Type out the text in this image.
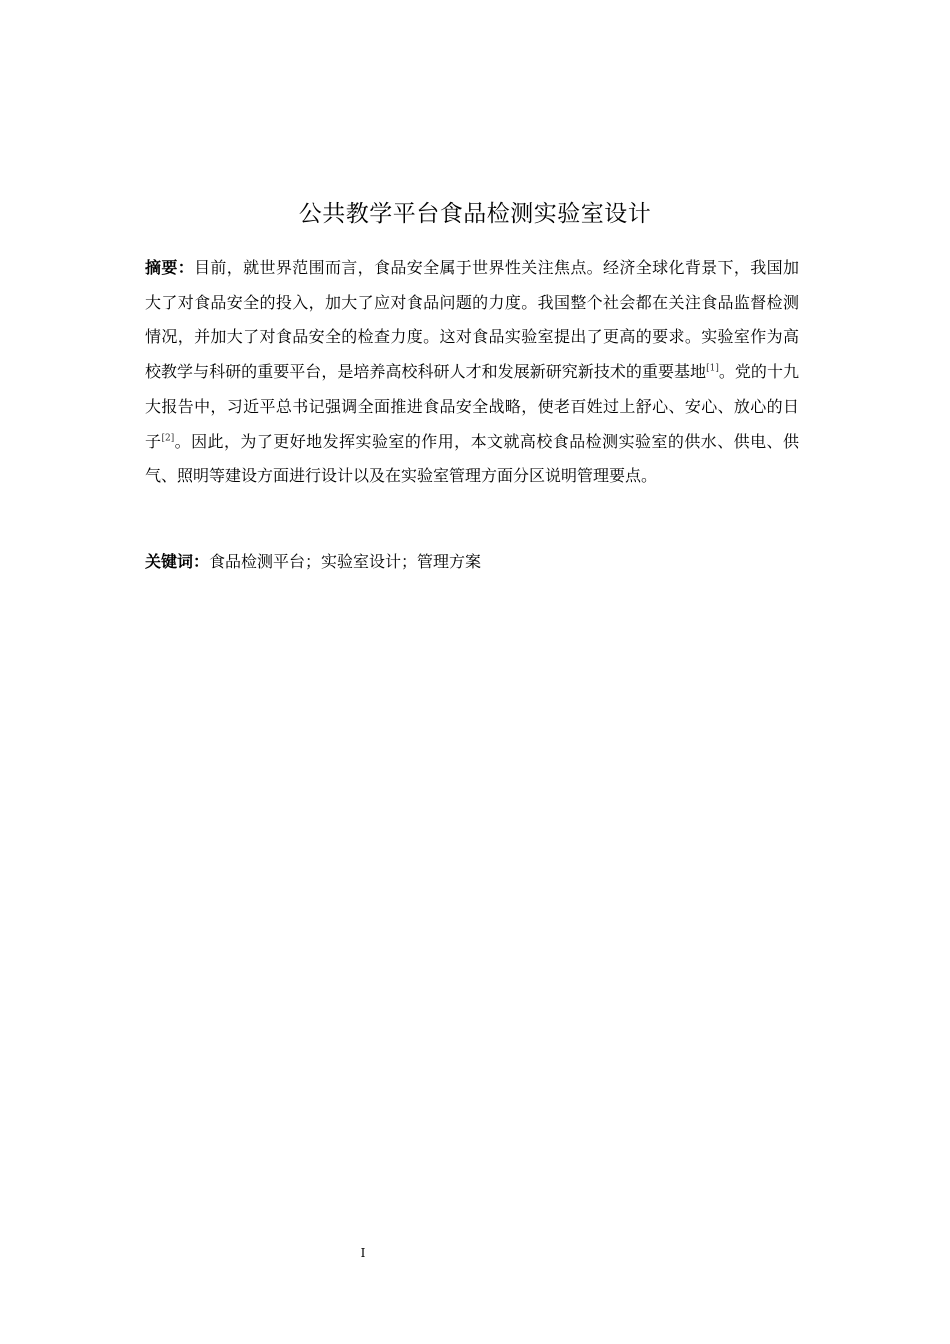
公共教学平台食品检测实验室设计

摘要：目前，就世界范围而言，食品安全属于世界性关注焦点。经济全球化背景下，我国加大了对食品安全的投入，加大了应对食品问题的力度。我国整个社会都在关注食品监督检测情况，并加大了对食品安全的检查力度。这对食品实验室提出了更高的要求。实验室作为高校教学与科研的重要平台，是培养高校科研人才和发展新研究新技术的重要基地[1]。党的十九大报告中，习近平总书记强调全面推进食品安全战略，使老百姓过上舒心、安心、放心的日子[2]。因此，为了更好地发挥实验室的作用，本文就高校食品检测实验室的供水、供电、供气、照明等建设方面进行设计以及在实验室管理方面分区说明管理要点。

关键词：食品检测平台；实验室设计；管理方案

I
